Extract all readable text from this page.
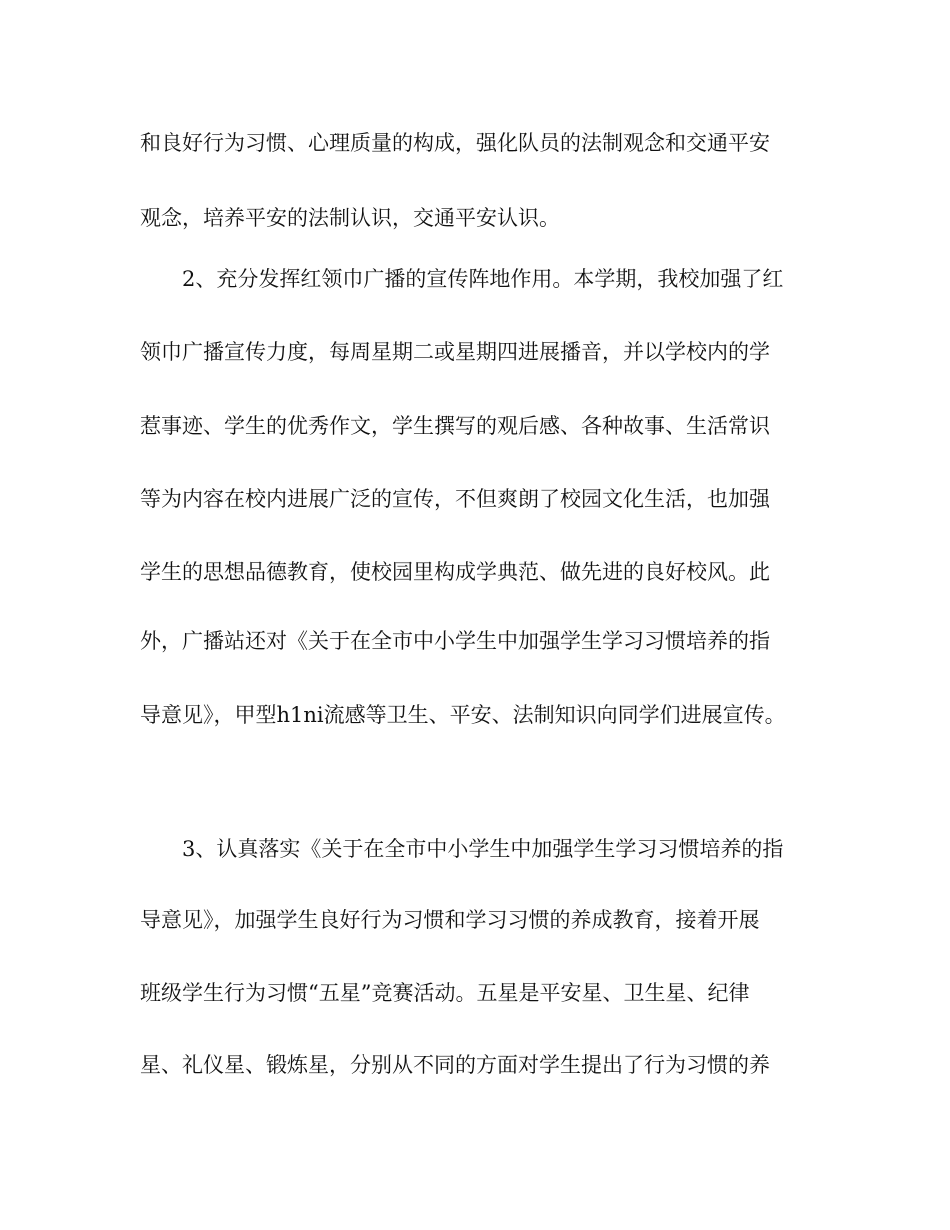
和良好行为习惯、心理质量的构成，强化队员的法制观念和交通平安
观念，培养平安的法制认识，交通平安认识。
2、充分发挥红领巾广播的宣传阵地作用。本学期，我校加强了红
领巾广播宣传力度，每周星期二或星期四进展播音，并以学校内的学
惹事迹、学生的优秀作文，学生撰写的观后感、各种故事、生活常识
等为内容在校内进展广泛的宣传，不但爽朗了校园文化生活，也加强
学生的思想品德教育，使校园里构成学典范、做先进的良好校风。此
外，广播站还对《关于在全市中小学生中加强学生学习习惯培养的指
导意见》，甲型h1ni流感等卫生、平安、法制知识向同学们进展宣传。
3、认真落实《关于在全市中小学生中加强学生学习习惯培养的指
导意见》，加强学生良好行为习惯和学习习惯的养成教育，接着开展
班级学生行为习惯“五星”竞赛活动。五星是平安星、卫生星、纪律
星、礼仪星、锻炼星，分别从不同的方面对学生提出了行为习惯的养
